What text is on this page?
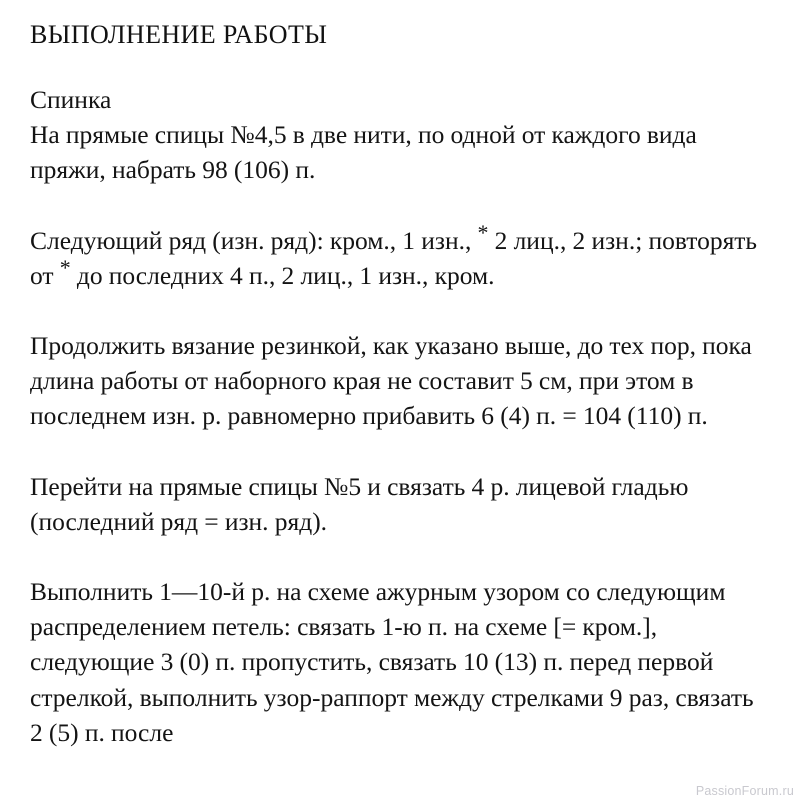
ВЫПОЛНЕНИЕ РАБОТЫ

Спинка

На прямые спицы №4,5 в две нити, по одной от каждого вида пряжи, набрать 98 (106) п.

Следующий ряд (изн. ряд): кром., 1 изн., * 2 лиц., 2 изн.; повторять от * до последних 4 п., 2 лиц., 1 изн., кром.

Продолжить вязание резинкой, как указано выше, до тех пор, пока длина работы от наборного края не составит 5 см, при этом в последнем изн. р. равномерно прибавить 6 (4) п. = 104 (110) п.

Перейти на прямые спицы №5 и связать 4 р. лицевой гладью (последний ряд = изн. ряд).

Выполнить 1—10-й р. на схеме ажурным узором со следующим распределением петель: связать 1-ю п. на схеме [= кром.], следующие 3 (0) п. пропустить, связать 10 (13) п. перед первой стрелкой, выполнить узор-раппорт между стрелками 9 раз, связать 2 (5) п. после

PassionForum.ru
